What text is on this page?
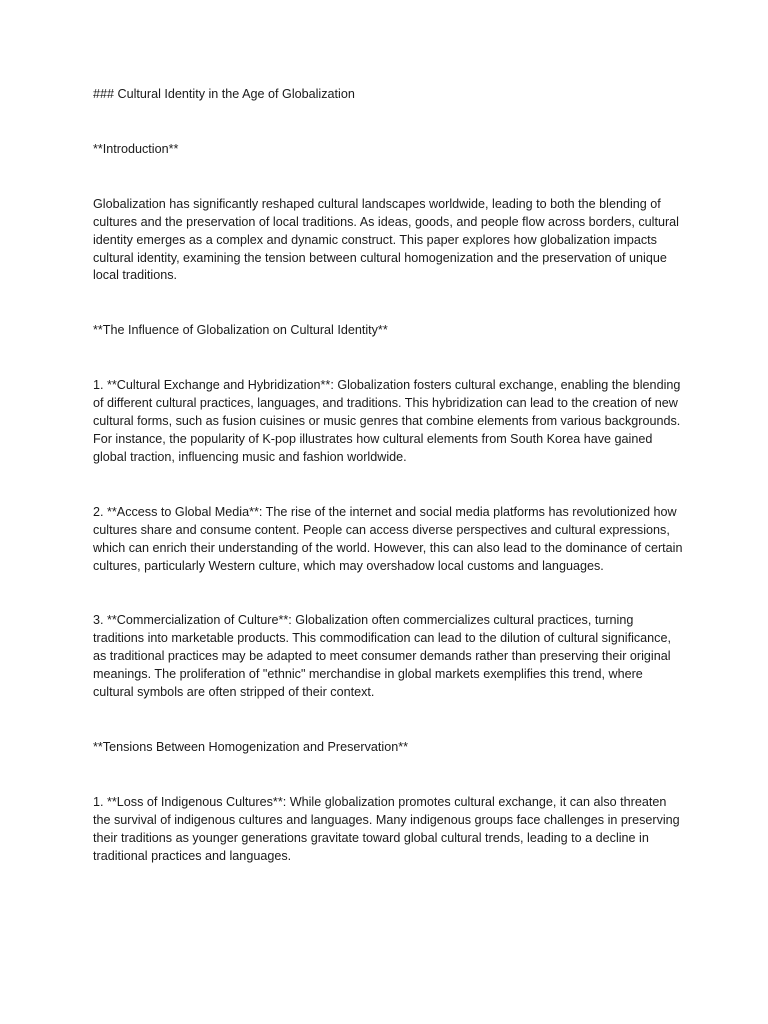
### Cultural Identity in the Age of Globalization

**Introduction**

Globalization has significantly reshaped cultural landscapes worldwide, leading to both the blending of cultures and the preservation of local traditions. As ideas, goods, and people flow across borders, cultural identity emerges as a complex and dynamic construct. This paper explores how globalization impacts cultural identity, examining the tension between cultural homogenization and the preservation of unique local traditions.

**The Influence of Globalization on Cultural Identity**

1. **Cultural Exchange and Hybridization**: Globalization fosters cultural exchange, enabling the blending of different cultural practices, languages, and traditions. This hybridization can lead to the creation of new cultural forms, such as fusion cuisines or music genres that combine elements from various backgrounds. For instance, the popularity of K-pop illustrates how cultural elements from South Korea have gained global traction, influencing music and fashion worldwide.

2. **Access to Global Media**: The rise of the internet and social media platforms has revolutionized how cultures share and consume content. People can access diverse perspectives and cultural expressions, which can enrich their understanding of the world. However, this can also lead to the dominance of certain cultures, particularly Western culture, which may overshadow local customs and languages.

3. **Commercialization of Culture**: Globalization often commercializes cultural practices, turning traditions into marketable products. This commodification can lead to the dilution of cultural significance, as traditional practices may be adapted to meet consumer demands rather than preserving their original meanings. The proliferation of "ethnic" merchandise in global markets exemplifies this trend, where cultural symbols are often stripped of their context.

**Tensions Between Homogenization and Preservation**

1. **Loss of Indigenous Cultures**: While globalization promotes cultural exchange, it can also threaten the survival of indigenous cultures and languages. Many indigenous groups face challenges in preserving their traditions as younger generations gravitate toward global cultural trends, leading to a decline in traditional practices and languages.
